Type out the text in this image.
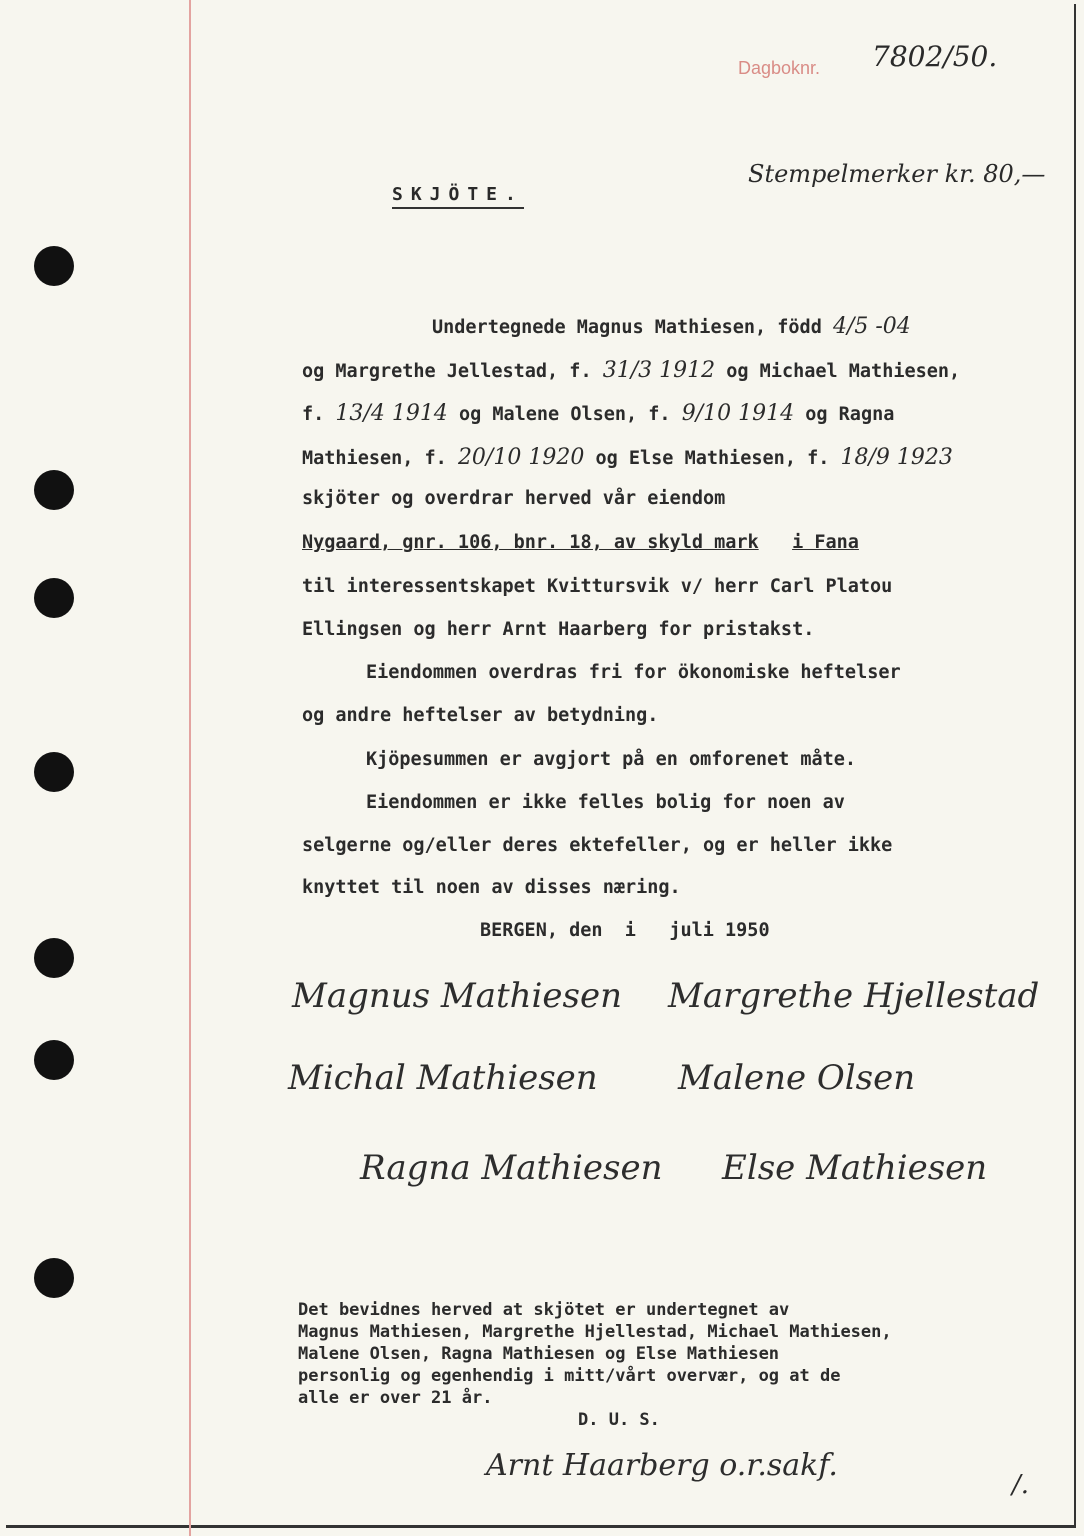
Dagboknr. 7802/50.
Stempelmerker kr. 80,—
SKJÖTE.
Undertegnede Magnus Mathiesen, född 4/5 -04
og Margrethe Jellestad, f. 31/3 1912 og Michael Mathiesen,
f. 13/4 1914 og Malene Olsen, f. 9/10 1914 og Ragna
Mathiesen, f. 20/10 1920 og Else Mathiesen, f. 18/9 1923
skjöter og overdrar herved vår eiendom
Nygaard, gnr. 106, bnr. 18, av skyld mark i Fana
til interessentskapet Kvittursvik v/ herr Carl Platou
Ellingsen og herr Arnt Haarberg for pristakst.
Eiendommen overdras fri for ökonomiske heftelser
og andre heftelser av betydning.
Kjöpesummen er avgjort på en omforenet måte.
Eiendommen er ikke felles bolig for noen av
selgerne og/eller deres ektefeller, og er heller ikke
knyttet til noen av disses næring.
BERGEN, den  i   juli 1950
Magnus Mathiesen Margrethe Hjellestad
Michal Mathiesen Malene Olsen
Ragna Mathiesen Else Mathiesen
Det bevidnes herved at skjötet er undertegnet av
Magnus Mathiesen, Margrethe Hjellestad, Michael Mathiesen,
Malene Olsen, Ragna Mathiesen og Else Mathiesen
personlig og egenhendig i mitt/vårt overvær, og at de
alle er over 21 år.
D. U. S.
Arnt Haarberg o.r.sakf.
/.
